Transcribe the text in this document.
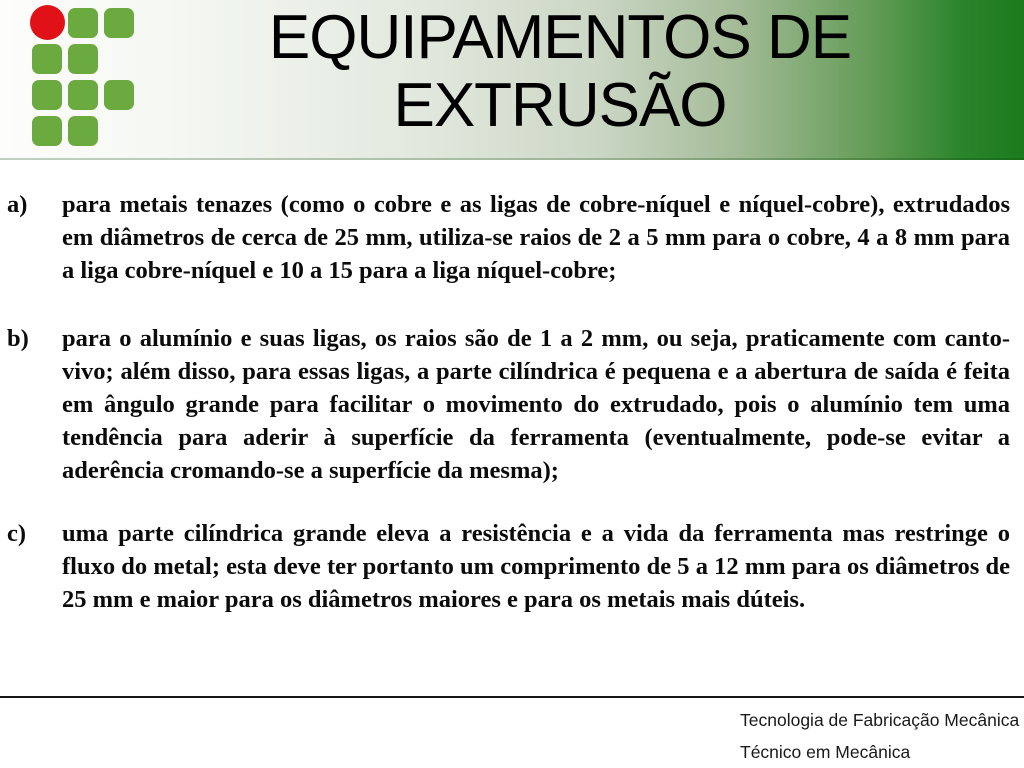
EQUIPAMENTOS DE EXTRUSÃO
a)	para metais tenazes (como o cobre e as ligas de cobre-níquel e níquel-cobre), extrudados em diâmetros de cerca de 25 mm, utiliza-se raios de 2 a 5 mm para o cobre, 4 a 8 mm para a liga cobre-níquel e 10 a 15 para a liga níquel-cobre;
b)	para o alumínio e suas ligas, os raios são de 1 a 2 mm, ou seja, praticamente com canto-vivo; além disso, para essas ligas, a parte cilíndrica é pequena e a abertura de saída é feita em ângulo grande para facilitar o movimento do extrudado, pois o alumínio tem uma tendência para aderir à superfície da ferramenta (eventualmente, pode-se evitar a aderência cromando-se a superfície da mesma);
c)	uma parte cilíndrica grande eleva a resistência e a vida da ferramenta mas restringe o fluxo do metal; esta deve ter portanto um comprimento de 5 a 12 mm para os diâmetros de 25 mm e maior para os diâmetros maiores e para os metais mais dúteis.
Tecnologia de Fabricação Mecânica
Técnico em Mecânica
